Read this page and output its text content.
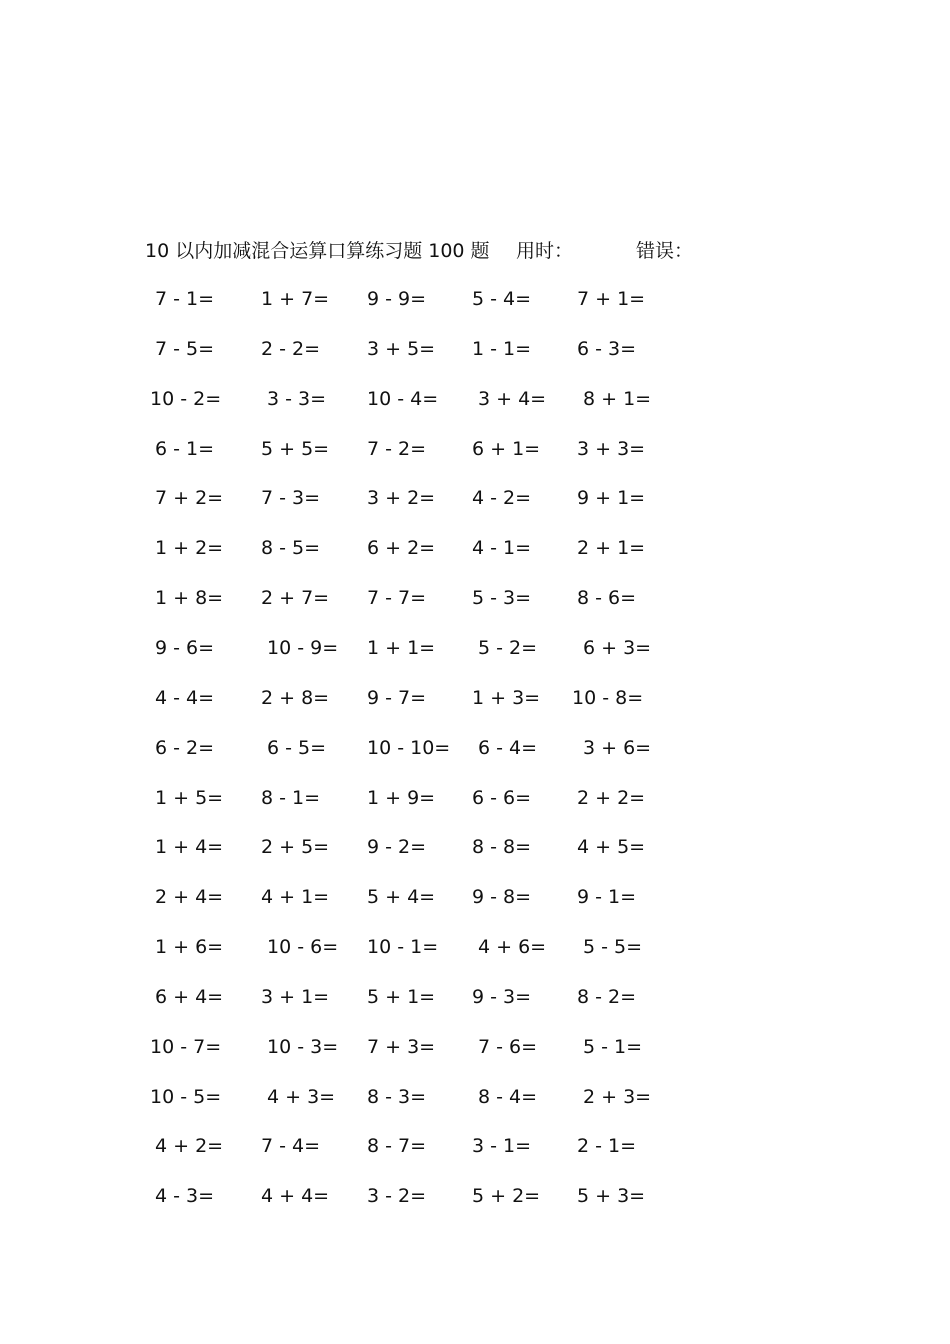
10 以内加减混合运算口算练习题 100 题 用时：	错误：
7 - 1= 1 + 7= 9 - 9= 5 - 4= 7 + 1=
7 - 5= 2 - 2= 3 + 5= 1 - 1= 6 - 3=
10 - 2= 3 - 3= 10 - 4= 3 + 4= 8 + 1=
6 - 1= 5 + 5= 7 - 2= 6 + 1= 3 + 3=
7 + 2= 7 - 3= 3 + 2= 4 - 2= 9 + 1=
1 + 2= 8 - 5= 6 + 2= 4 - 1= 2 + 1=
1 + 8= 2 + 7= 7 - 7= 5 - 3= 8 - 6=
9 - 6=	10 - 9= 1 + 1= 5 - 2= 6 + 3=
4 - 4= 2 + 8= 9 - 7= 1 + 3= 10 - 8=
6 - 2=	6 - 5= 10 - 10= 6 - 4= 3 + 6=
1 + 5= 8 - 1= 1 + 9= 6 - 6= 2 + 2=
1 + 4= 2 + 5= 9 - 2= 8 - 8= 4 + 5=
2 + 4= 4 + 1= 5 + 4= 9 - 8= 9 - 1=
1 + 6= 10 - 6= 10 - 1= 4 + 6= 5 - 5=
6 + 4= 3 + 1= 5 + 1= 9 - 3= 8 - 2=
10 - 7= 10 - 3= 7 + 3= 7 - 6= 5 - 1=
10 - 5= 4 + 3= 8 - 3=	8 - 4= 2 + 3=
4 + 2= 7 - 4= 8 - 7= 3 - 1= 2 - 1=
4 - 3= 4 + 4= 3 - 2= 5 + 2= 5 + 3=
